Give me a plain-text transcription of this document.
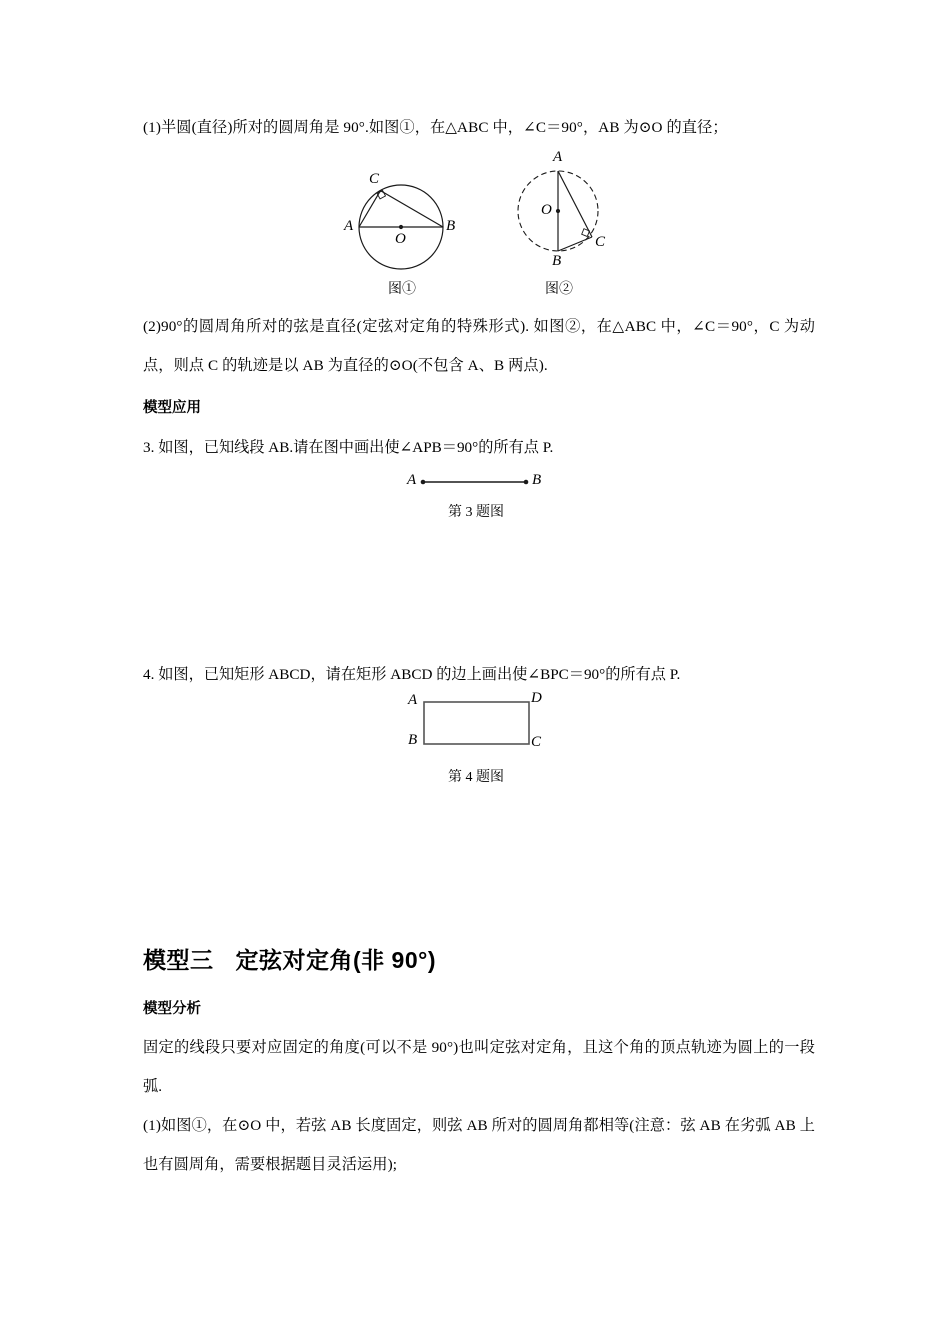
(1)半圆(直径)所对的圆周角是 90°.如图①，在△ABC 中，∠C＝90°，AB 为⊙O 的直径；

A	B
C
O
图①
A
B
C
O
图②

(2)90°的圆周角所对的弦是直径(定弦对定角的特殊形式). 如图②，在△ABC 中，∠C＝90°，C 为动点，则点 C 的轨迹是以 AB 为直径的⊙O(不包含 A、B 两点).

模型应用

3. 如图，已知线段 AB.请在图中画出使∠APB＝90°的所有点 P.

A	B
第 3 题图

4. 如图，已知矩形 ABCD，请在矩形 ABCD 的边上画出使∠BPC＝90°的所有点 P.

A	D
B	C
第 4 题图
模型三 定弦对定角(非 90°)

模型分析

固定的线段只要对应固定的角度(可以不是 90°)也叫定弦对定角，且这个角的顶点轨迹为圆上的一段弧.

(1)如图①，在⊙O 中，若弦 AB 长度固定，则弦 AB 所对的圆周角都相等(注意：弦 AB 在劣弧 AB 上也有圆周角，需要根据题目灵活运用);
